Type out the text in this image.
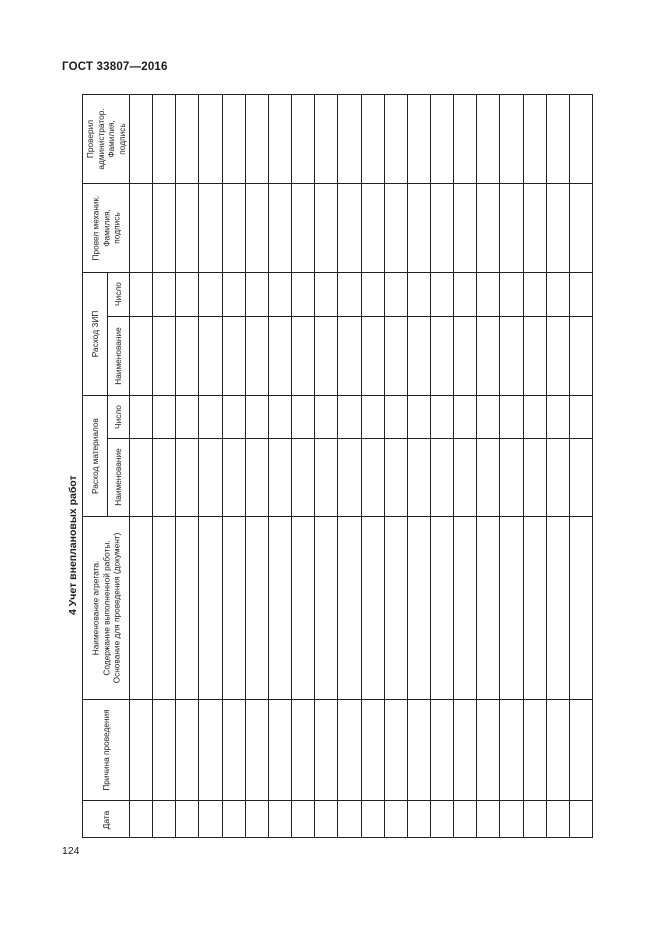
ГОСТ 33807—2016
4 Учет внеплановых работ
Дата
Причина проведения
Наименование агрегата.
Содержание выполненной работы.
Основание для проведения (документ)
Расход материалов Наименование
Число
Расход ЗИП Наименование
Число
Провел механик.
Фамилия,
подпись
Проверил
администратор.
Фамилия,
подпись
124
